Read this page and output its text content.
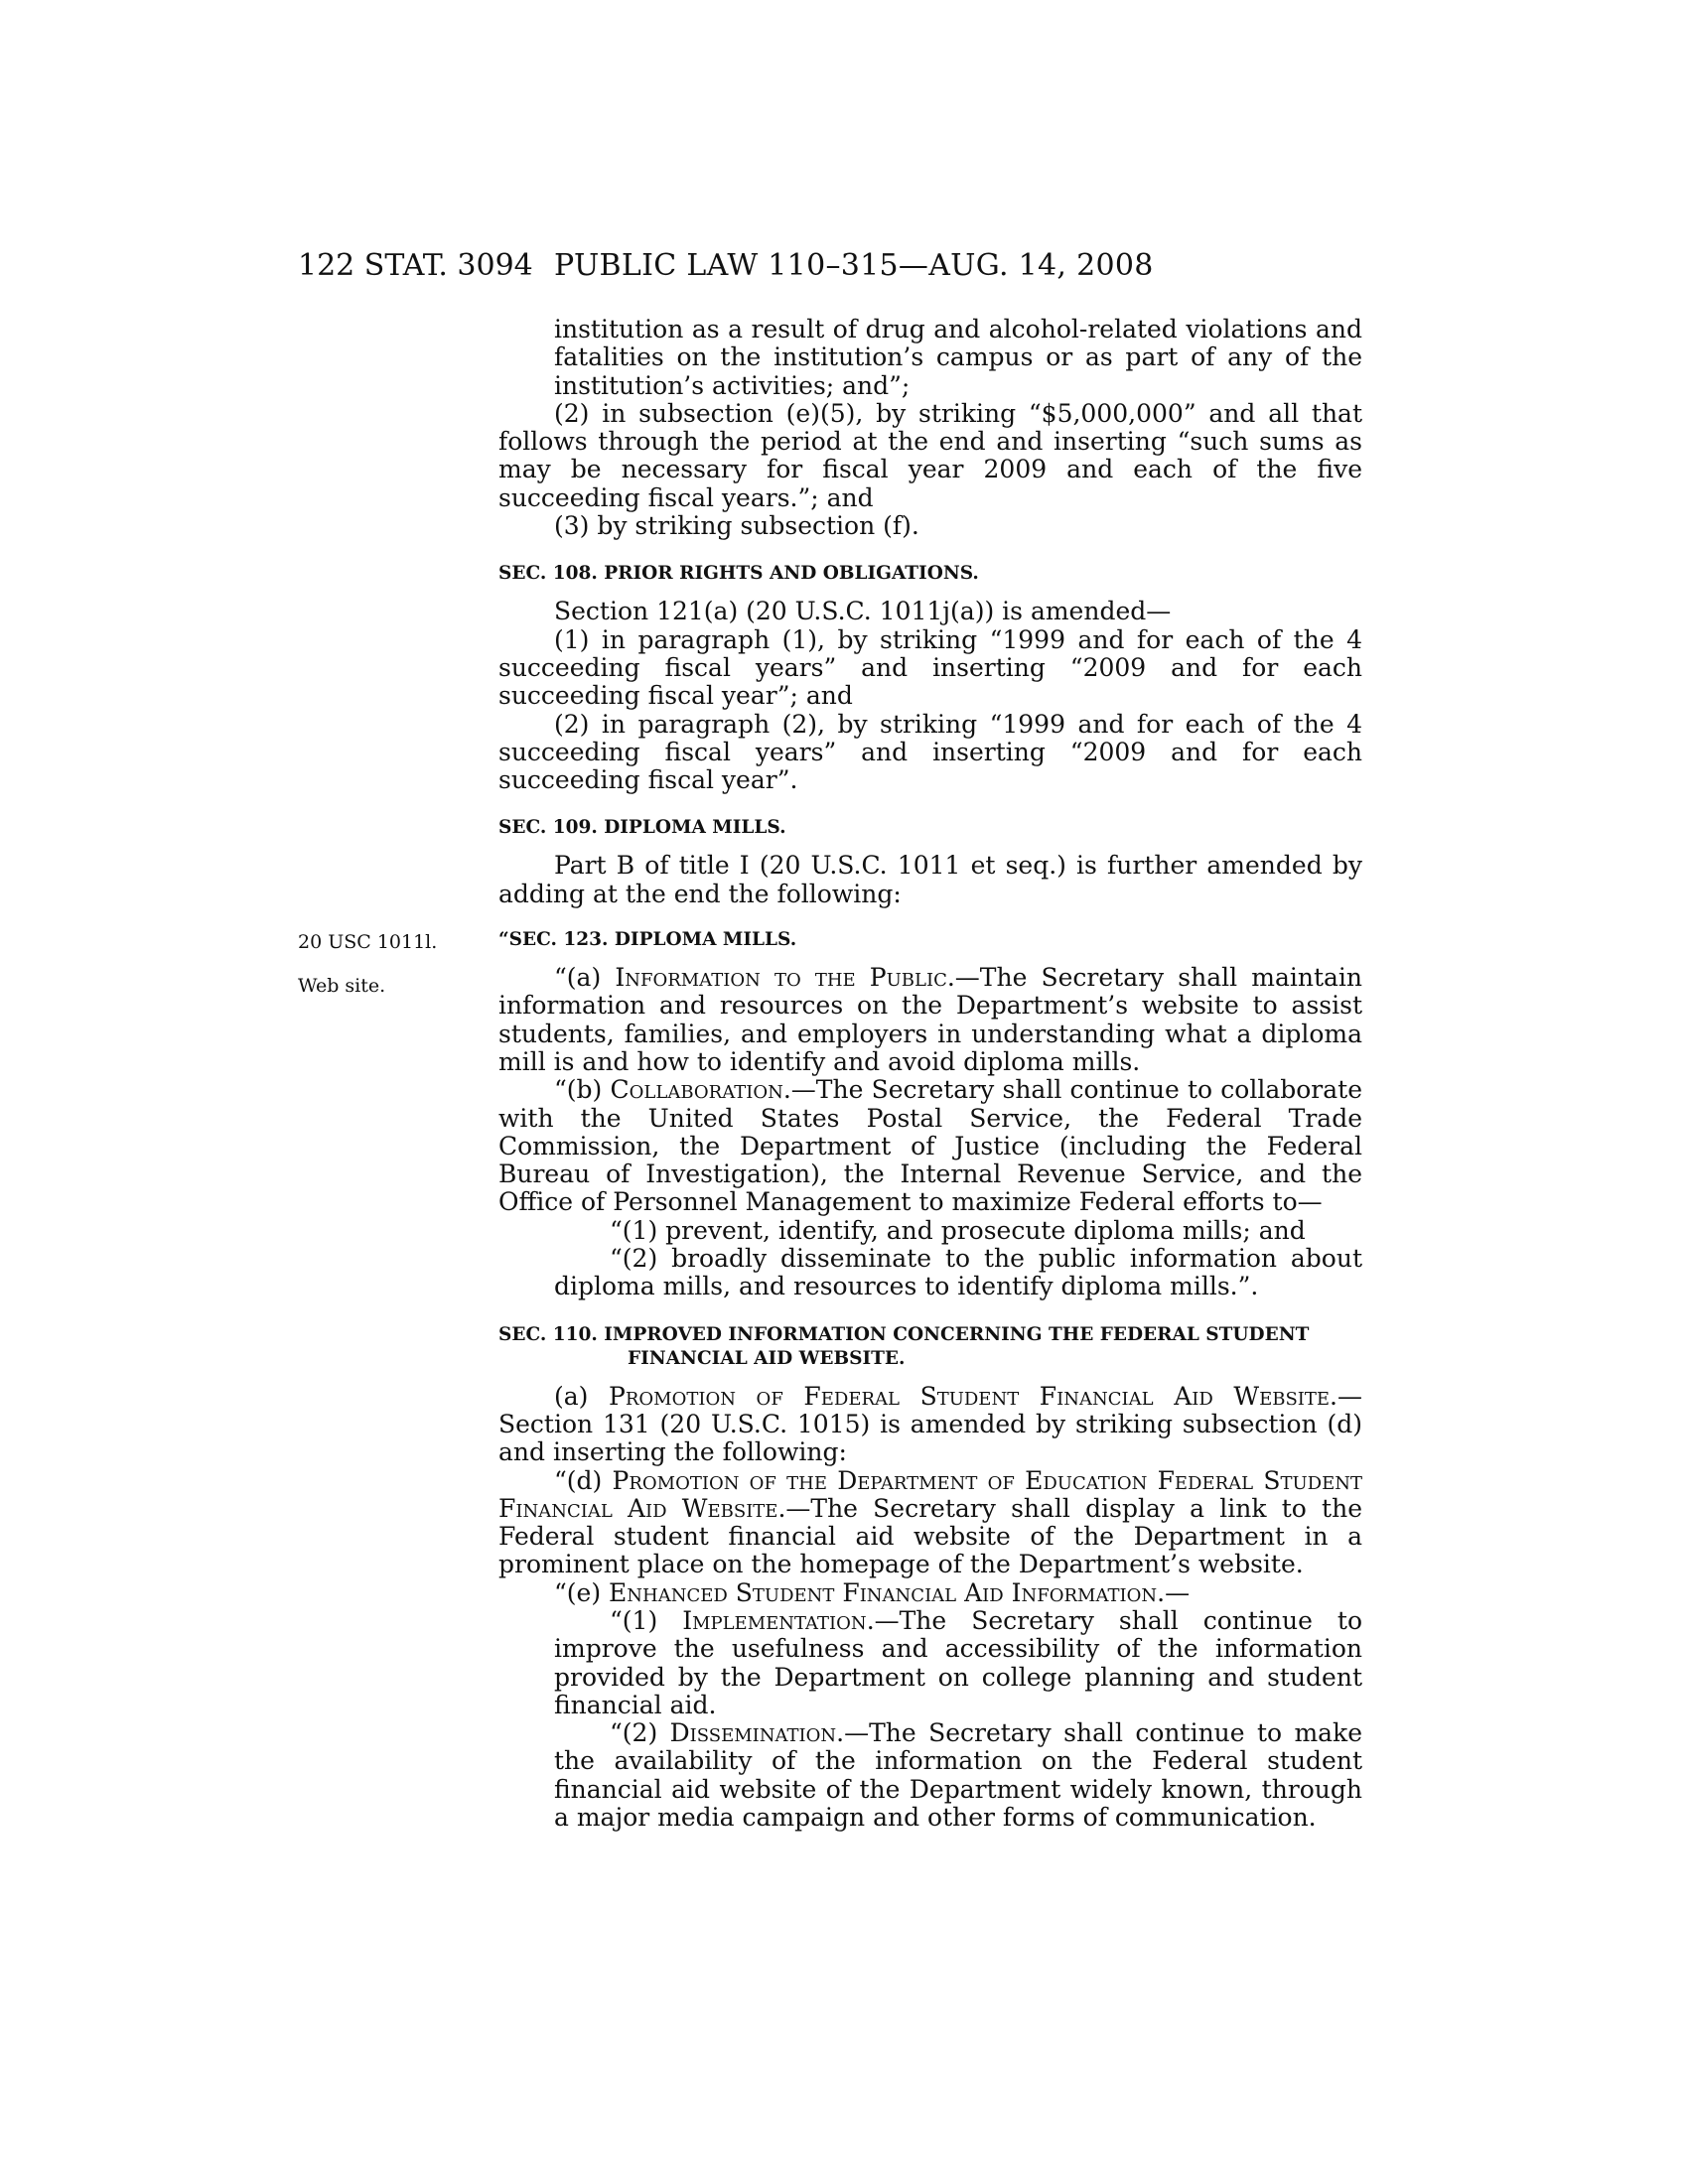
122 STAT. 3094 PUBLIC LAW 110–315—AUG. 14, 2008
20 USC 1011l.
Web site.

institution as a result of drug and alcohol-related violations and fatalities on the institution’s campus or as part of any of the institution’s activities; and”;

(2) in subsection (e)(5), by striking “$5,000,000” and all that follows through the period at the end and inserting “such sums as may be necessary for fiscal year 2009 and each of the five succeeding fiscal years.”; and

(3) by striking subsection (f).

SEC. 108. PRIOR RIGHTS AND OBLIGATIONS.

Section 121(a) (20 U.S.C. 1011j(a)) is amended—

(1) in paragraph (1), by striking “1999 and for each of the 4 succeeding fiscal years” and inserting “2009 and for each succeeding fiscal year”; and

(2) in paragraph (2), by striking “1999 and for each of the 4 succeeding fiscal years” and inserting “2009 and for each succeeding fiscal year”.

SEC. 109. DIPLOMA MILLS.

Part B of title I (20 U.S.C. 1011 et seq.) is further amended by adding at the end the following:

“SEC. 123. DIPLOMA MILLS.

“(a) Information to the Public.—The Secretary shall maintain information and resources on the Department’s website to assist students, families, and employers in understanding what a diploma mill is and how to identify and avoid diploma mills.

“(b) Collaboration.—The Secretary shall continue to collaborate with the United States Postal Service, the Federal Trade Commission, the Department of Justice (including the Federal Bureau of Investigation), the Internal Revenue Service, and the Office of Personnel Management to maximize Federal efforts to—

“(1) prevent, identify, and prosecute diploma mills; and

“(2) broadly disseminate to the public information about diploma mills, and resources to identify diploma mills.”.

SEC. 110. IMPROVED INFORMATION CONCERNING THE FEDERAL STUDENT FINANCIAL AID WEBSITE.

(a) Promotion of Federal Student Financial Aid Website.—Section 131 (20 U.S.C. 1015) is amended by striking subsection (d) and inserting the following:

“(d) Promotion of the Department of Education Federal Student Financial Aid Website.—The Secretary shall display a link to the Federal student financial aid website of the Department in a prominent place on the homepage of the Department’s website.

“(e) Enhanced Student Financial Aid Information.—

“(1) Implementation.—The Secretary shall continue to improve the usefulness and accessibility of the information provided by the Department on college planning and student financial aid.

“(2) Dissemination.—The Secretary shall continue to make the availability of the information on the Federal student financial aid website of the Department widely known, through a major media campaign and other forms of communication.
